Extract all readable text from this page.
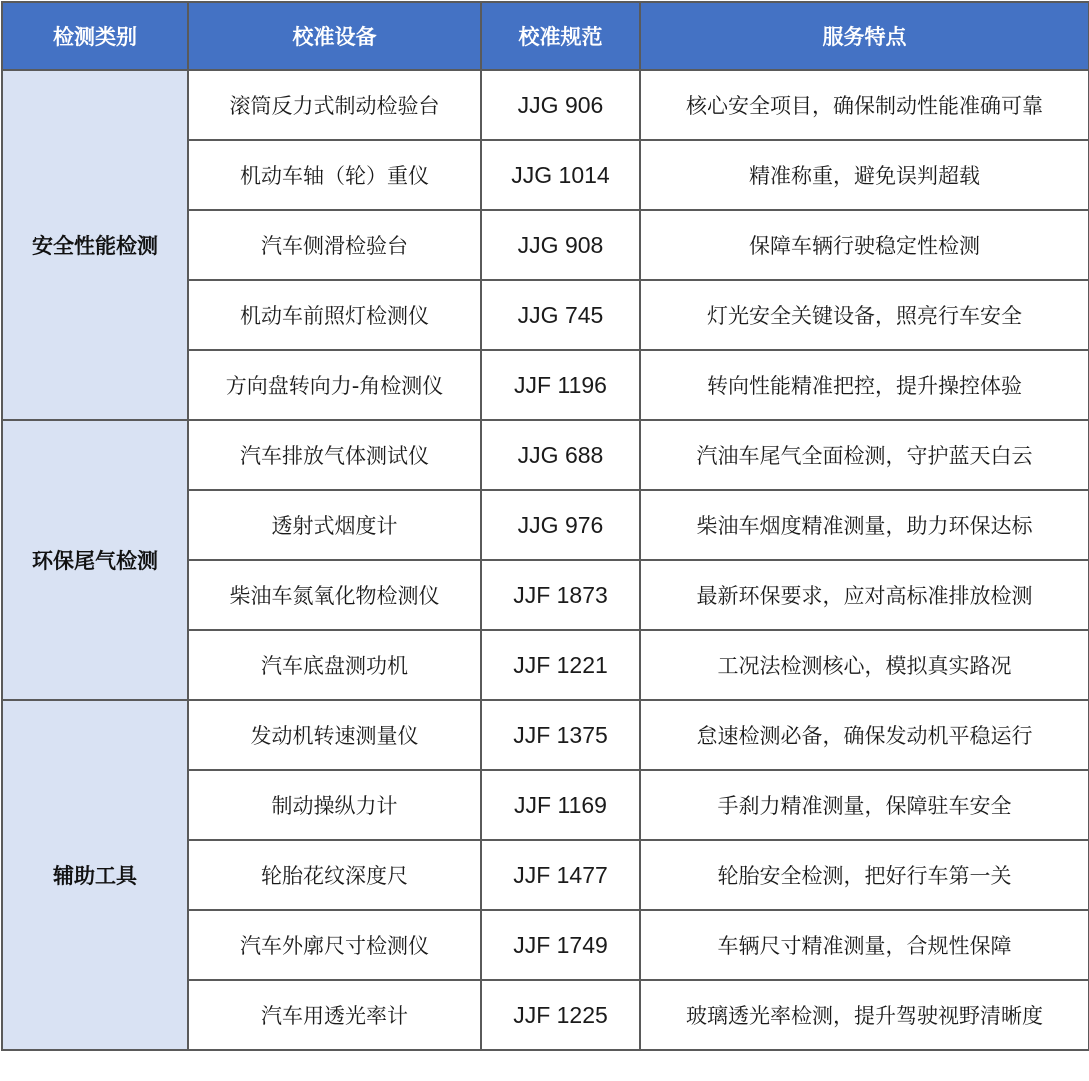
检测类别	校准设备	校准规范	服务特点
安全性能检测	滚筒反力式制动检验台	JJG 906	核心安全项目，确保制动性能准确可靠
	机动车轴（轮）重仪	JJG 1014	精准称重，避免误判超载
	汽车侧滑检验台	JJG 908	保障车辆行驶稳定性检测
	机动车前照灯检测仪	JJG 745	灯光安全关键设备，照亮行车安全
	方向盘转向力-角检测仪	JJF 1196	转向性能精准把控，提升操控体验
环保尾气检测	汽车排放气体测试仪	JJG 688	汽油车尾气全面检测，守护蓝天白云
	透射式烟度计	JJG 976	柴油车烟度精准测量，助力环保达标
	柴油车氮氧化物检测仪	JJF 1873	最新环保要求，应对高标准排放检测
	汽车底盘测功机	JJF 1221	工况法检测核心，模拟真实路况
辅助工具	发动机转速测量仪	JJF 1375	怠速检测必备，确保发动机平稳运行
	制动操纵力计	JJF 1169	手刹力精准测量，保障驻车安全
	轮胎花纹深度尺	JJF 1477	轮胎安全检测，把好行车第一关
	汽车外廓尺寸检测仪	JJF 1749	车辆尺寸精准测量，合规性保障
	汽车用透光率计	JJF 1225	玻璃透光率检测，提升驾驶视野清晰度
